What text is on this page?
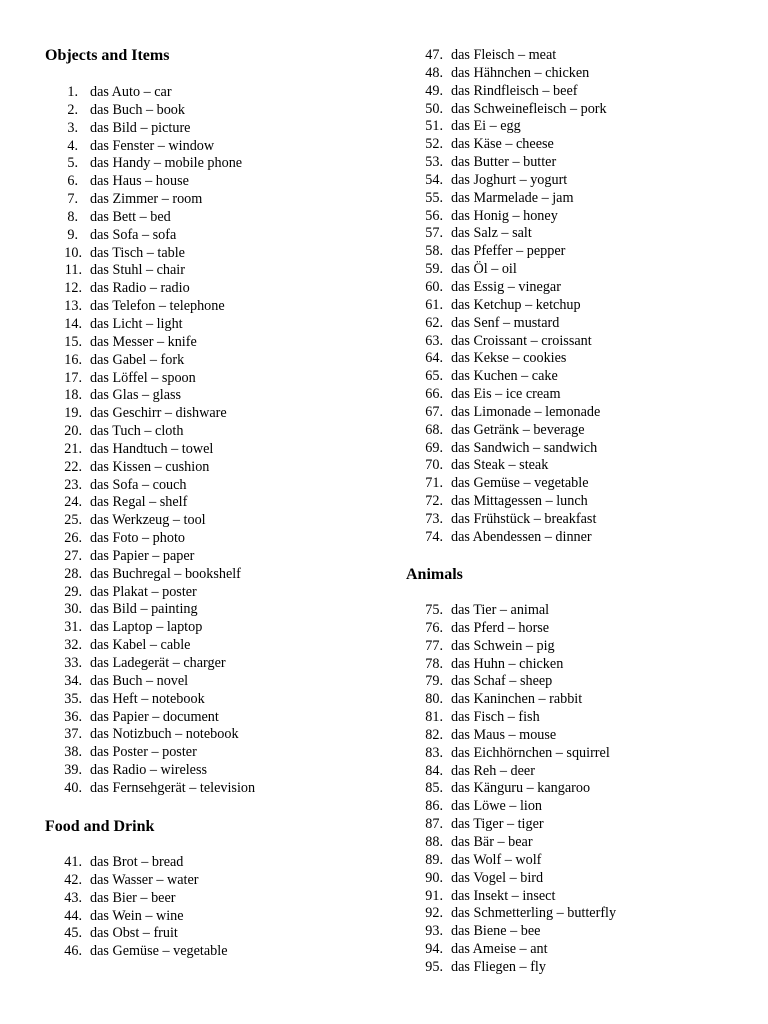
Objects and Items
1. das Auto – car
2. das Buch – book
3. das Bild – picture
4. das Fenster – window
5. das Handy – mobile phone
6. das Haus – house
7. das Zimmer – room
8. das Bett – bed
9. das Sofa – sofa
10. das Tisch – table
11. das Stuhl – chair
12. das Radio – radio
13. das Telefon – telephone
14. das Licht – light
15. das Messer – knife
16. das Gabel – fork
17. das Löffel – spoon
18. das Glas – glass
19. das Geschirr – dishware
20. das Tuch – cloth
21. das Handtuch – towel
22. das Kissen – cushion
23. das Sofa – couch
24. das Regal – shelf
25. das Werkzeug – tool
26. das Foto – photo
27. das Papier – paper
28. das Buchregal – bookshelf
29. das Plakat – poster
30. das Bild – painting
31. das Laptop – laptop
32. das Kabel – cable
33. das Ladegerät – charger
34. das Buch – novel
35. das Heft – notebook
36. das Papier – document
37. das Notizbuch – notebook
38. das Poster – poster
39. das Radio – wireless
40. das Fernsehgerät – television
Food and Drink
41. das Brot – bread
42. das Wasser – water
43. das Bier – beer
44. das Wein – wine
45. das Obst – fruit
46. das Gemüse – vegetable
47. das Fleisch – meat
48. das Hähnchen – chicken
49. das Rindfleisch – beef
50. das Schweinefleisch – pork
51. das Ei – egg
52. das Käse – cheese
53. das Butter – butter
54. das Joghurt – yogurt
55. das Marmelade – jam
56. das Honig – honey
57. das Salz – salt
58. das Pfeffer – pepper
59. das Öl – oil
60. das Essig – vinegar
61. das Ketchup – ketchup
62. das Senf – mustard
63. das Croissant – croissant
64. das Kekse – cookies
65. das Kuchen – cake
66. das Eis – ice cream
67. das Limonade – lemonade
68. das Getränk – beverage
69. das Sandwich – sandwich
70. das Steak – steak
71. das Gemüse – vegetable
72. das Mittagessen – lunch
73. das Frühstück – breakfast
74. das Abendessen – dinner
Animals
75. das Tier – animal
76. das Pferd – horse
77. das Schwein – pig
78. das Huhn – chicken
79. das Schaf – sheep
80. das Kaninchen – rabbit
81. das Fisch – fish
82. das Maus – mouse
83. das Eichhörnchen – squirrel
84. das Reh – deer
85. das Känguru – kangaroo
86. das Löwe – lion
87. das Tiger – tiger
88. das Bär – bear
89. das Wolf – wolf
90. das Vogel – bird
91. das Insekt – insect
92. das Schmetterling – butterfly
93. das Biene – bee
94. das Ameise – ant
95. das Fliegen – fly
